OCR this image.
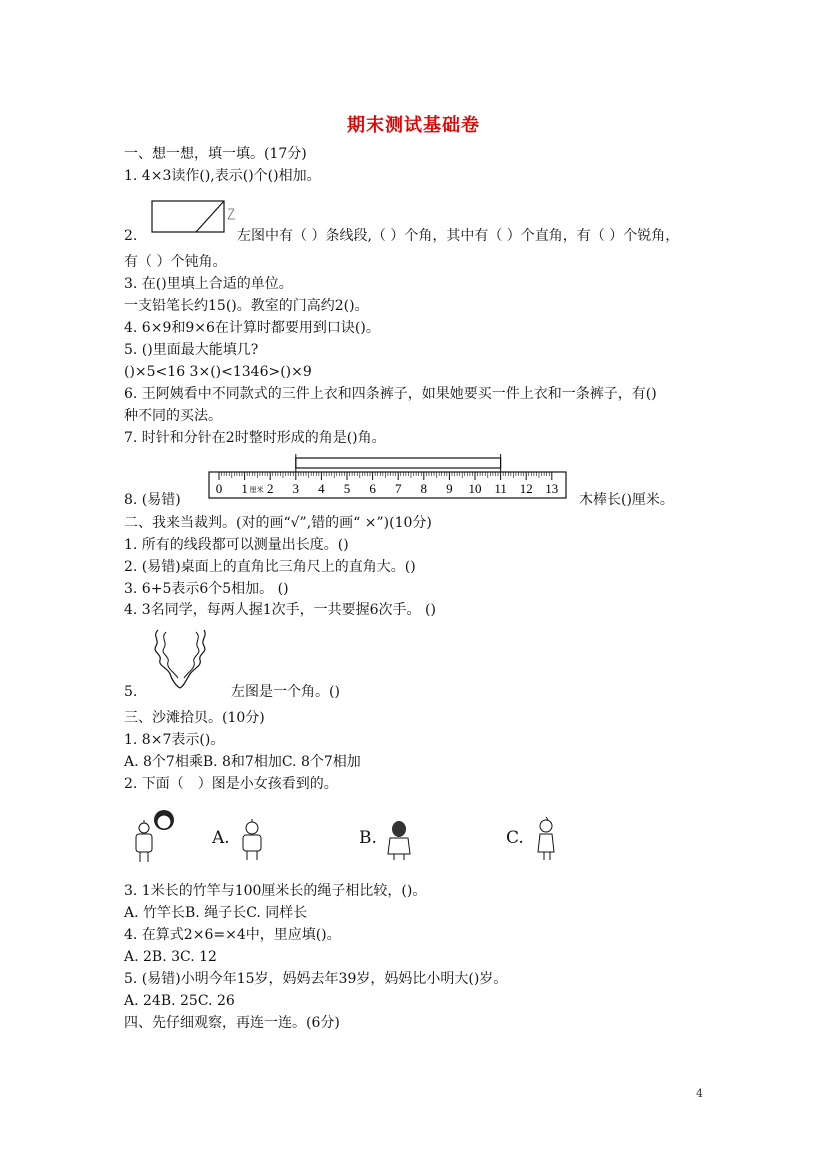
期末测试基础卷
一、想一想，填一填。(17分)
1. 4×3读作(),表示()个()相加。
2.	左图中有（ ）条线段,（ ）个角，其中有（ ）个直角，有（ ）个锐角，
有（ ）个钝角。
3. 在()里填上合适的单位。
一支铅笔长约15()。教室的门高约2()。
4. 6×9和9×6在计算时都要用到口诀()。
5. ()里面最大能填几?
()×5<16 3×()<1346>()×9
6. 王阿姨看中不同款式的三件上衣和四条裤子，如果她要买一件上衣和一条裤子，有()
种不同的买法。
7. 时针和分针在2时整时形成的角是()角。
0 1 2 3 4 5 6 7 8 9 10 11 12 13
厘米
8. (易错)	木棒长()厘米。
二、我来当裁判。(对的画“√”,错的画“ ×”)(10分)
1. 所有的线段都可以测量出长度。()
2. (易错)桌面上的直角比三角尺上的直角大。()
3. 6+5表示6个5相加。 ()
4. 3名同学，每两人握1次手，一共要握6次手。 ()
5.	左图是一个角。()
三、沙滩拾贝。(10分)
1. 8×7表示()。
A. 8个7相乘B. 8和7相加C. 8个7相加
2. 下面（　）图是小女孩看到的。
A.	B.	C.
3. 1米长的竹竿与100厘米长的绳子相比较，()。
A. 竹竿长B. 绳子长C. 同样长
4. 在算式2×6=×4中，里应填()。
A. 2B. 3C. 12
5. (易错)小明今年15岁，妈妈去年39岁，妈妈比小明大()岁。
A. 24B. 25C. 26
四、先仔细观察，再连一连。(6分)
4
